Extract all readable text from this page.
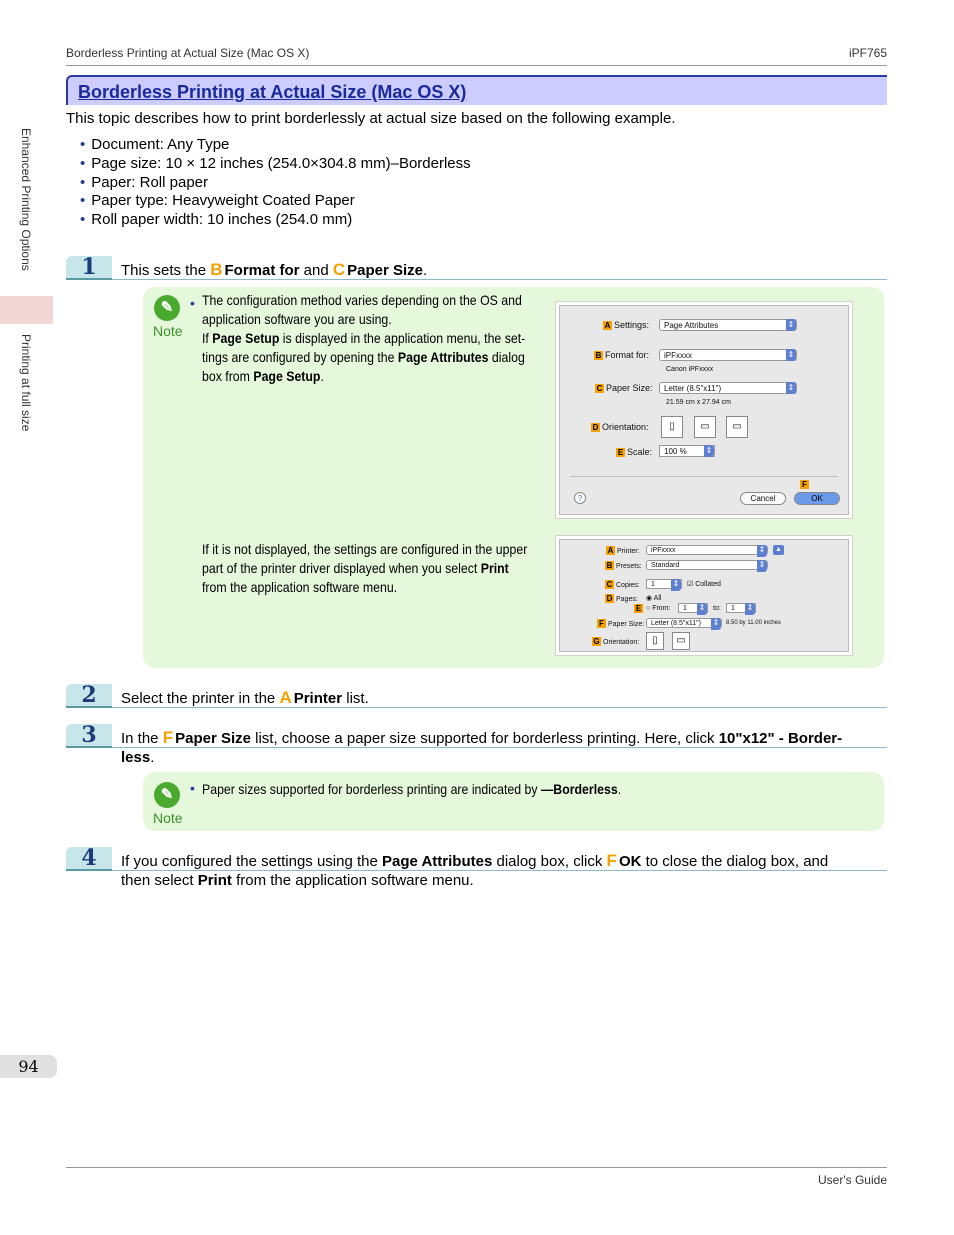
Borderless Printing at Actual Size (Mac OS X)	iPF765
Enhanced Printing Options
Printing at full size
Borderless Printing at Actual Size (Mac OS X)
This topic describes how to print borderlessly at actual size based on the following example.
• Document: Any Type
• Page size: 10 × 12 inches (254.0×304.8 mm)–Borderless
• Paper: Roll paper
• Paper type: Heavyweight Coated Paper
• Roll paper width: 10 inches (254.0 mm)
1	This sets the B Format for and C Paper Size.
✎
Note
• The configuration method varies depending on the OS and
application software you are using.
If Page Setup is displayed in the application menu, the set-
tings are configured by opening the Page Attributes dialog
box from Page Setup.
If it is not displayed, the settings are configured in the upper
part of the printer driver displayed when you select Print
from the application software menu.
A Settings:	Page Attributes ⇕
B Format for:	iPFxxxx ⇕
Canon iPFxxxx
C Paper Size:	Letter (8.5"x11") ⇕
21.59 cm x 27.94 cm
D Orientation:	▯	▭	▭
E Scale:	100 % ⇕
?	Cancel
F
OK
A Printer:	iPFxxxx ⇕	▲
B Presets:	Standard ⇕
C Copies:	1 ⇕	☑ Collated
D Pages: ◉ All
E ○ From:	1 ⇕	to:	1 ⇕
F Paper Size: Letter (8.5"x11") ⇕	8.50 by 11.00 inches
G Orientation:	▯	▭
2	Select the printer in the A Printer list.
3	In the F Paper Size list, choose a paper size supported for borderless printing. Here, click 10"x12" - Border-
less.
✎
Note
• Paper sizes supported for borderless printing are indicated by —Borderless.
4	If you configured the settings using the Page Attributes dialog box, click F OK to close the dialog box, and
then select Print from the application software menu.
94
User's Guide
